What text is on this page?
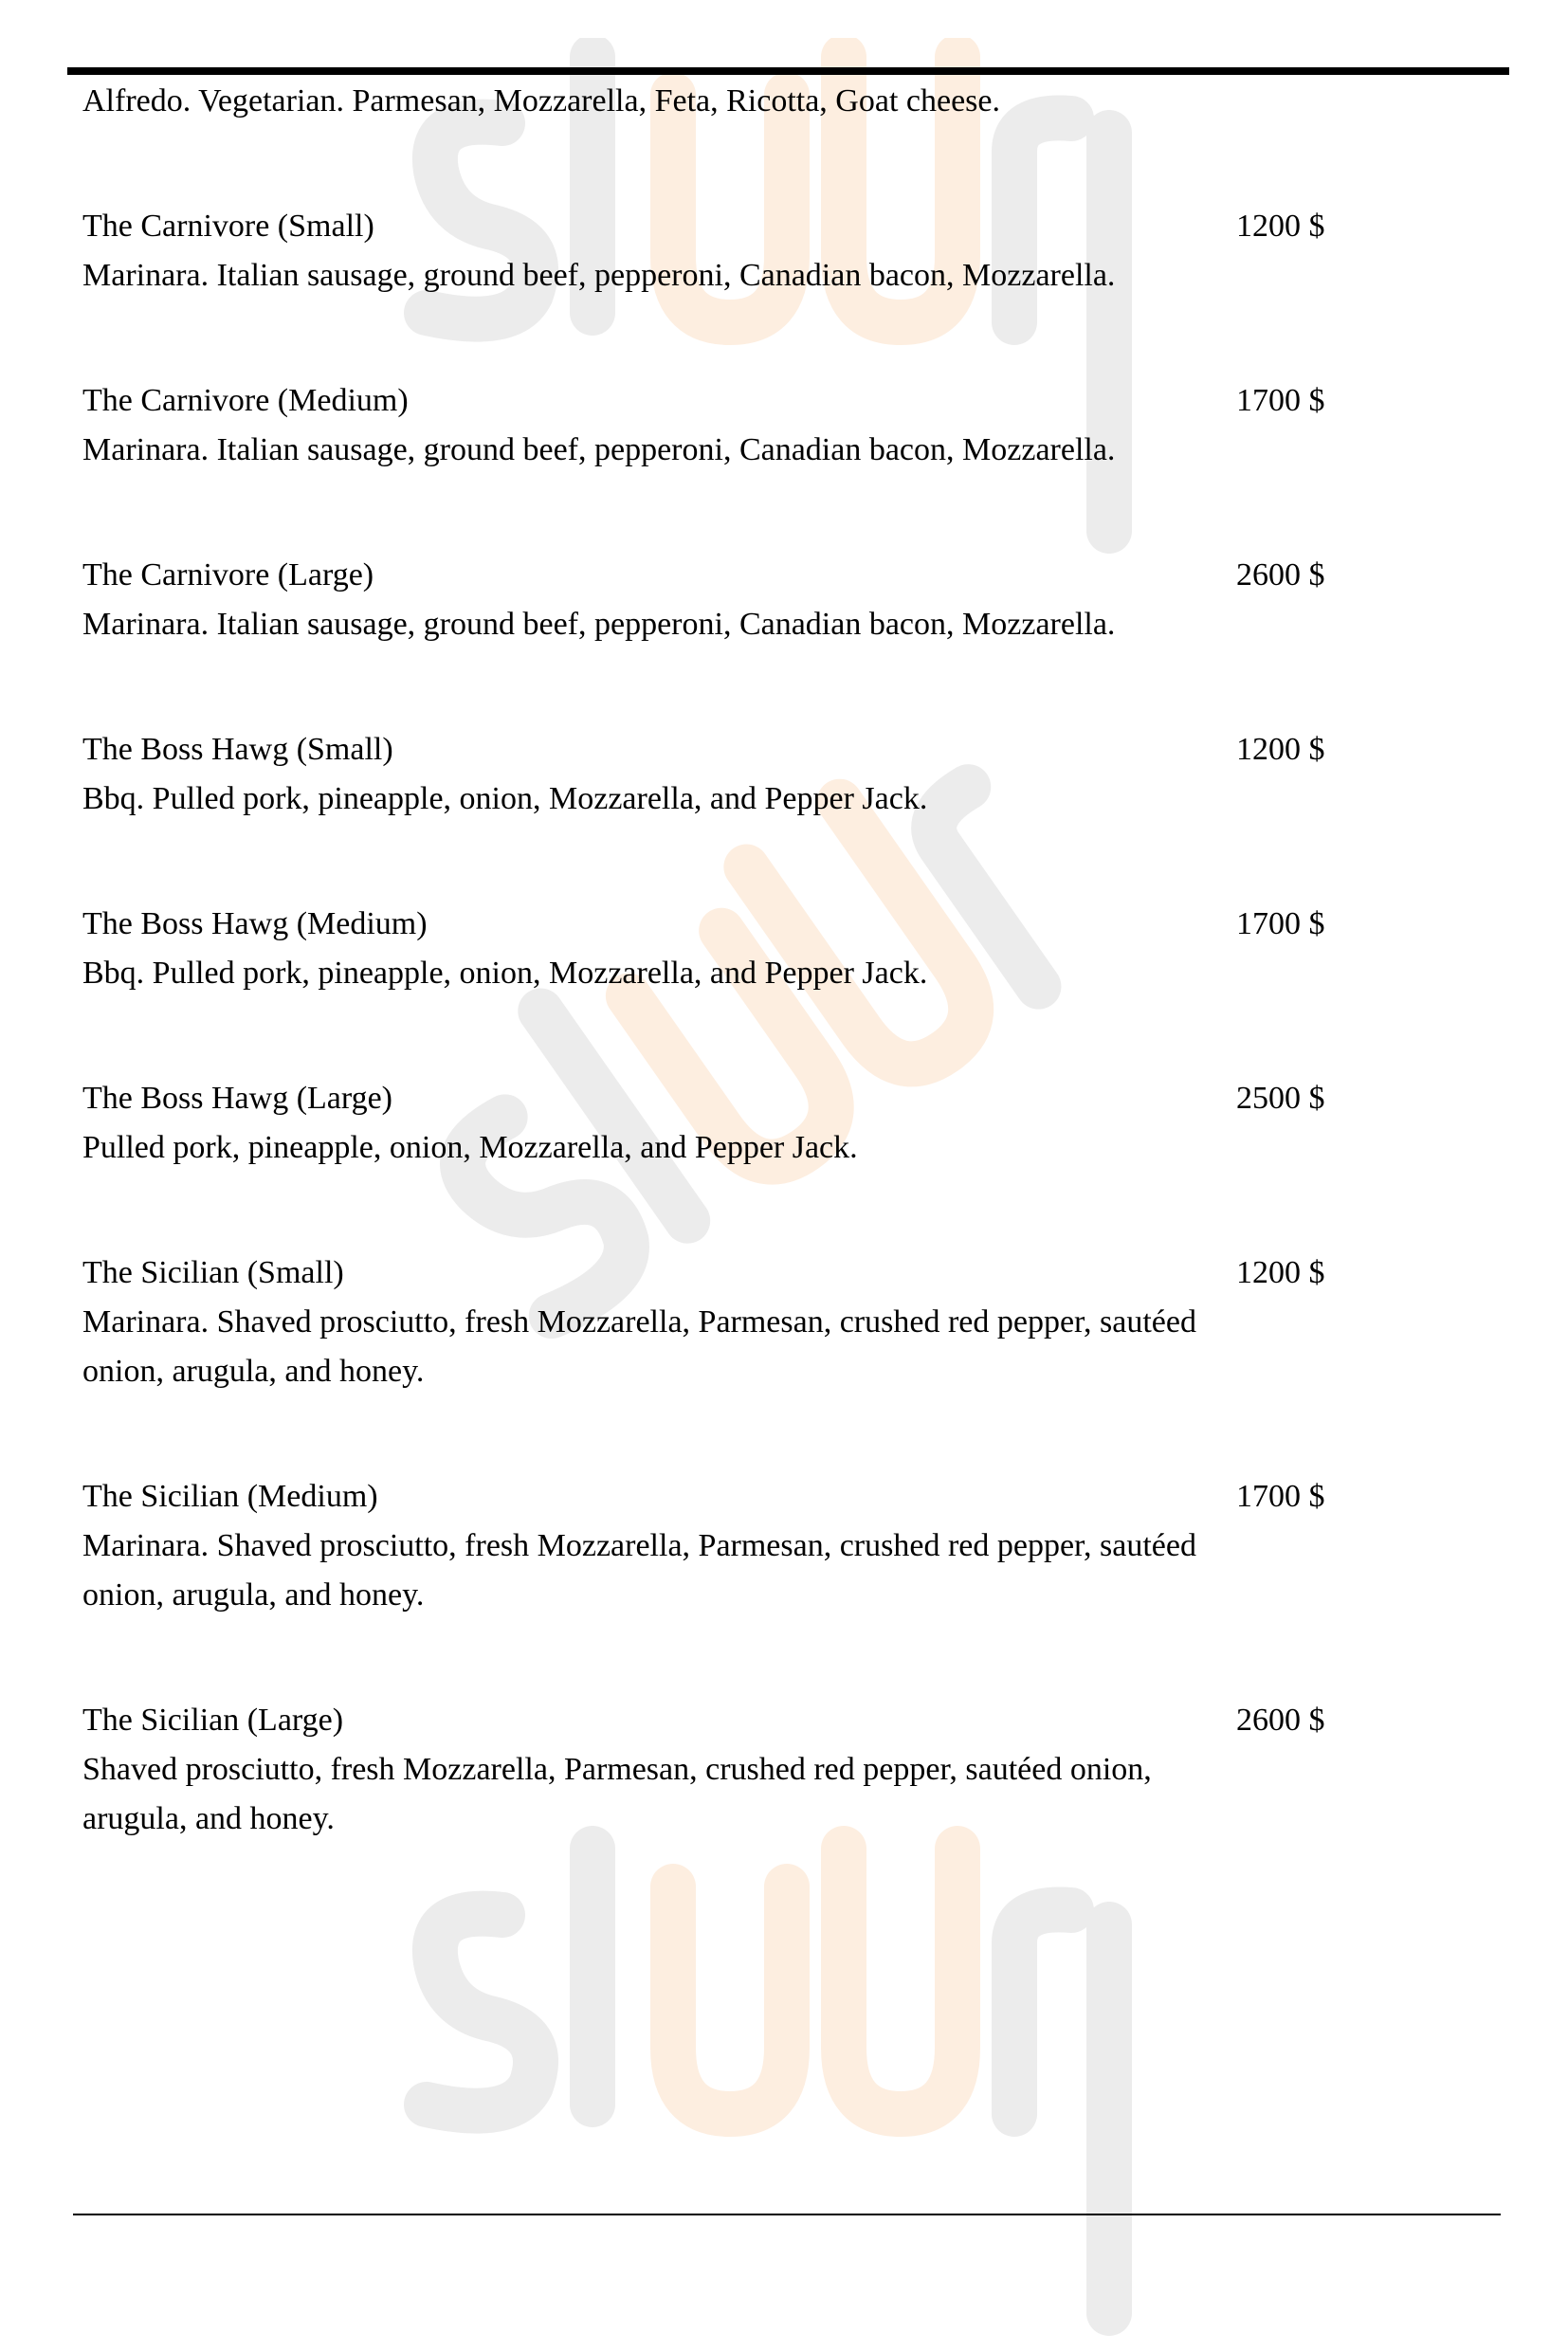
Alfredo. Vegetarian. Parmesan, Mozzarella, Feta, Ricotta, Goat cheese.
The Carnivore (Small)
Marinara. Italian sausage, ground beef, pepperoni, Canadian bacon, Mozzarella.
1200 $
The Carnivore (Medium)
Marinara. Italian sausage, ground beef, pepperoni, Canadian bacon, Mozzarella.
1700 $
The Carnivore (Large)
Marinara. Italian sausage, ground beef, pepperoni, Canadian bacon, Mozzarella.
2600 $
The Boss Hawg (Small)
Bbq. Pulled pork, pineapple, onion, Mozzarella, and Pepper Jack.
1200 $
The Boss Hawg (Medium)
Bbq. Pulled pork, pineapple, onion, Mozzarella, and Pepper Jack.
1700 $
The Boss Hawg (Large)
Pulled pork, pineapple, onion, Mozzarella, and Pepper Jack.
2500 $
The Sicilian (Small)
Marinara. Shaved prosciutto, fresh Mozzarella, Parmesan, crushed red pepper, sautéed onion, arugula, and honey.
1200 $
The Sicilian (Medium)
Marinara. Shaved prosciutto, fresh Mozzarella, Parmesan, crushed red pepper, sautéed onion, arugula, and honey.
1700 $
The Sicilian (Large)
Shaved prosciutto, fresh Mozzarella, Parmesan, crushed red pepper, sautéed onion, arugula, and honey.
2600 $
